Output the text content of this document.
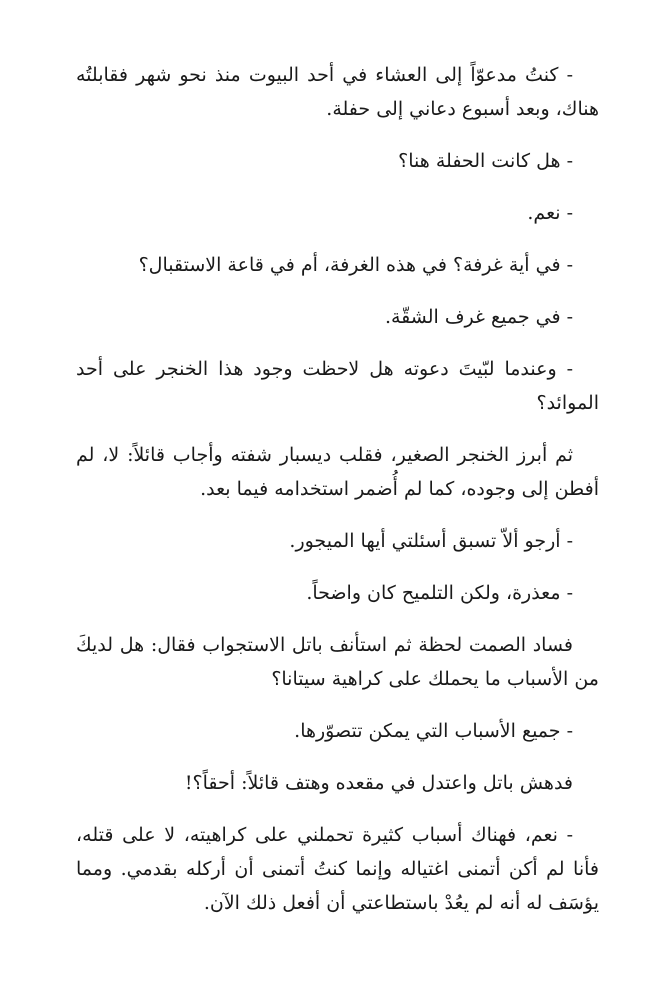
- كنتُ مدعوّاً إلى العشاء في أحد البيوت منذ نحو شهر فقابلتُه هناك، وبعد أسبوع دعاني إلى حفلة.

- هل كانت الحفلة هنا؟

- نعم.

- في أية غرفة؟ في هذه الغرفة، أم في قاعة الاستقبال؟

- في جميع غرف الشقّة.

- وعندما لبّيتَ دعوته هل لاحظت وجود هذا الخنجر على أحد الموائد؟

ثم أبرز الخنجر الصغير، فقلب ديسبار شفته وأجاب قائلاً: لا، لم أفطن إلى وجوده، كما لم أُضمر استخدامه فيما بعد.

- أرجو ألاّ تسبق أسئلتي أيها الميجور.

- معذرة، ولكن التلميح كان واضحاً.

فساد الصمت لحظة ثم استأنف باتل الاستجواب فقال: هل لديكَ من الأسباب ما يحملك على كراهية سيتانا؟

- جميع الأسباب التي يمكن تتصوّرها.

فدهش باتل واعتدل في مقعده وهتف قائلاً: أحقاً؟!

- نعم، فهناك أسباب كثيرة تحملني على كراهيته، لا على قتله، فأنا لم أكن أتمنى اغتياله وإنما كنتُ أتمنى أن أركله بقدمي. ومما يؤسَف له أنه لم يعُدْ باستطاعتي أن أفعل ذلك الآن.
